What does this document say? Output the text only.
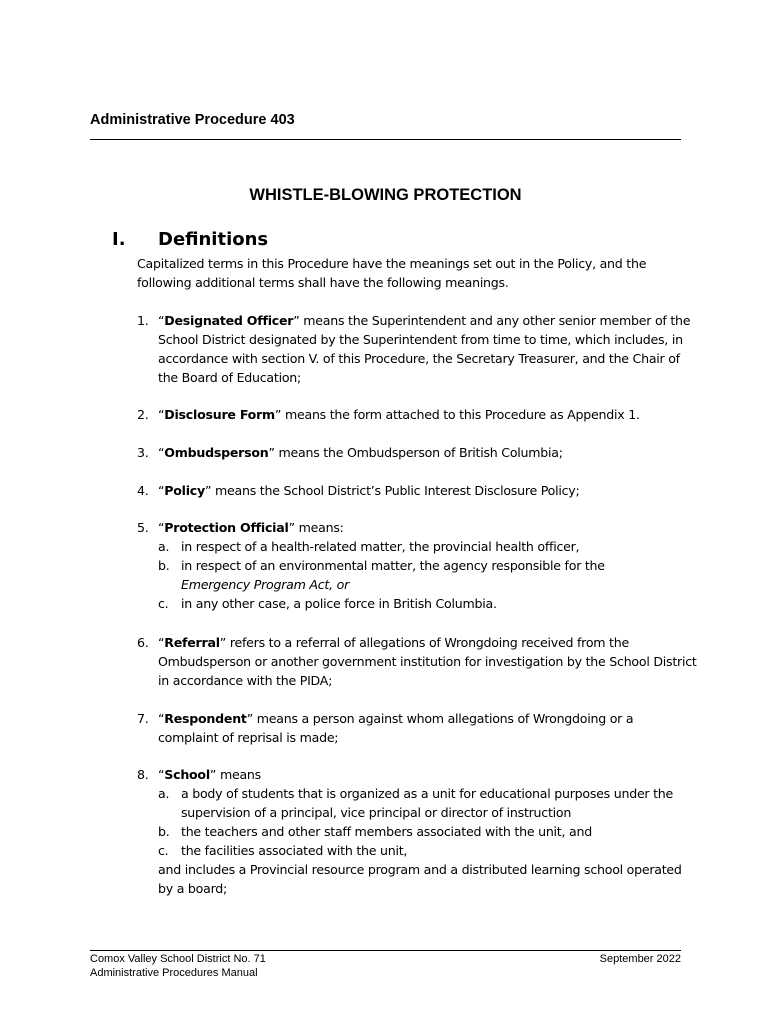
Administrative Procedure 403
WHISTLE-BLOWING PROTECTION
I. Definitions
Capitalized terms in this Procedure have the meanings set out in the Policy, and the following additional terms shall have the following meanings.
1. “Designated Officer” means the Superintendent and any other senior member of the School District designated by the Superintendent from time to time, which includes, in accordance with section V. of this Procedure, the Secretary Treasurer, and the Chair of the Board of Education;
2. “Disclosure Form” means the form attached to this Procedure as Appendix 1.
3. “Ombudsperson” means the Ombudsperson of British Columbia;
4. “Policy” means the School District’s Public Interest Disclosure Policy;
5. “Protection Official” means:
a. in respect of a health-related matter, the provincial health officer,
b. in respect of an environmental matter, the agency responsible for the
Emergency Program Act, or
c. in any other case, a police force in British Columbia.
6. “Referral” refers to a referral of allegations of Wrongdoing received from the Ombudsperson or another government institution for investigation by the School District in accordance with the PIDA;
7. “Respondent” means a person against whom allegations of Wrongdoing or a complaint of reprisal is made;
8. “School” means
a. a body of students that is organized as a unit for educational purposes under the supervision of a principal, vice principal or director of instruction
b. the teachers and other staff members associated with the unit, and
c. the facilities associated with the unit,
and includes a Provincial resource program and a distributed learning school operated by a board;
Comox Valley School District No. 71
Administrative Procedures Manual
September 2022
